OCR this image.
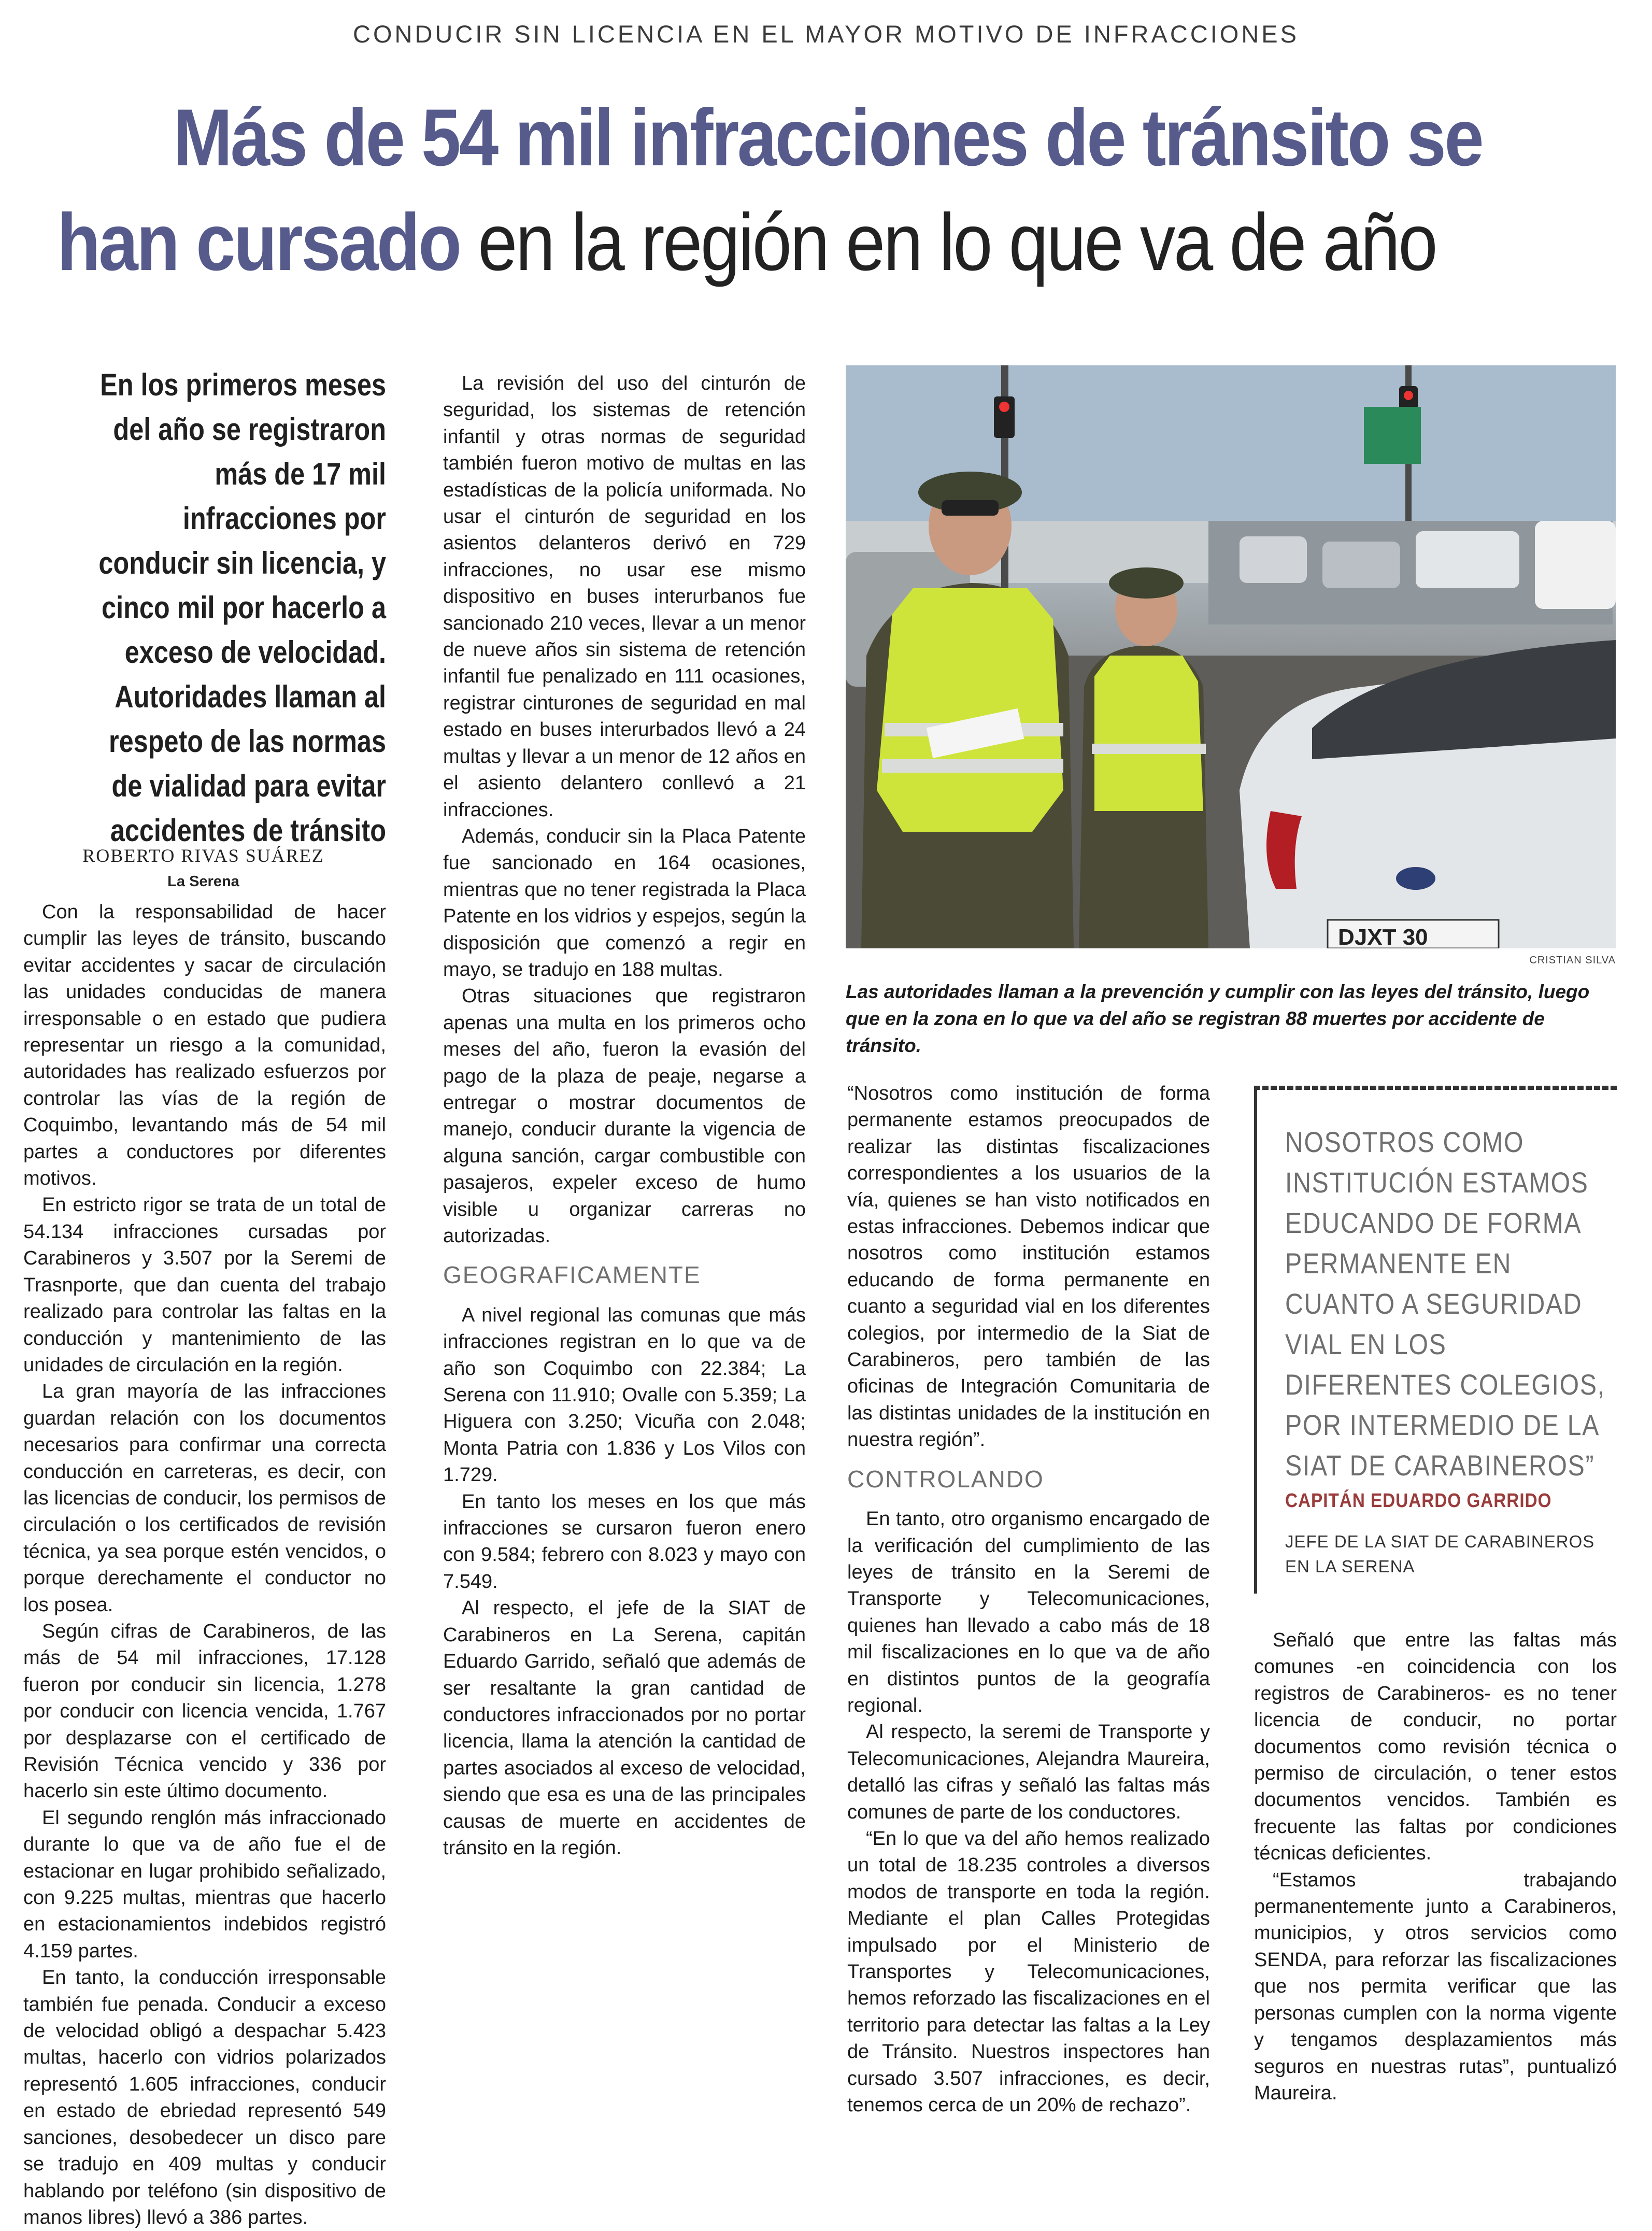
CONDUCIR SIN LICENCIA EN EL MAYOR MOTIVO DE INFRACCIONES
Más de 54 mil infracciones de tránsito se
han cursado en la región en lo que va de año
En los primeros meses del año se registraron más de 17 mil infracciones por conducir sin licencia, y cinco mil por hacerlo a exceso de velocidad. Autoridades llaman al respeto de las normas de vialidad para evitar accidentes de tránsito
ROBERTO RIVAS SUÁREZ
La Serena

Con la responsabilidad de hacer cumplir las leyes de tránsito, buscando evitar accidentes y sacar de circulación las unidades conducidas de manera irresponsable o en estado que pudiera representar un riesgo a la comunidad, autoridades has realizado esfuerzos por controlar las vías de la región de Coquimbo, levantando más de 54 mil partes a conductores por diferentes motivos.

En estricto rigor se trata de un total de 54.134 infracciones cursadas por Carabineros y 3.507 por la Seremi de Trasnporte, que dan cuenta del trabajo realizado para controlar las faltas en la conducción y mantenimiento de las unidades de circulación en la región.

La gran mayoría de las infracciones guardan relación con los documentos necesarios para confirmar una correcta conducción en carreteras, es decir, con las licencias de conducir, los permisos de circulación o los certificados de revisión técnica, ya sea porque estén vencidos, o porque derechamente el conductor no los posea.

Según cifras de Carabineros, de las más de 54 mil infracciones, 17.128 fueron por conducir sin licencia, 1.278 por conducir con licencia vencida, 1.767 por desplazarse con el certificado de Revisión Técnica vencido y 336 por hacerlo sin este último documento.

El segundo renglón más infraccionado durante lo que va de año fue el de estacionar en lugar prohibido señalizado, con 9.225 multas, mientras que hacerlo en estacionamientos indebidos registró 4.159 partes.

En tanto, la conducción irresponsable también fue penada. Conducir a exceso de velocidad obligó a despachar 5.423 multas, hacerlo con vidrios polarizados representó 1.605 infracciones, conducir en estado de ebriedad representó 549 sanciones, desobedecer un disco pare se tradujo en 409 multas y conducir hablando por teléfono (sin dispositivo de manos libres) llevó a 386 partes.

La revisión del uso del cinturón de seguridad, los sistemas de retención infantil y otras normas de seguridad también fueron motivo de multas en las estadísticas de la policía uniformada. No usar el cinturón de seguridad en los asientos delanteros derivó en 729 infracciones, no usar ese mismo dispositivo en buses interurbanos fue sancionado 210 veces, llevar a un menor de nueve años sin sistema de retención infantil fue penalizado en 111 ocasiones, registrar cinturones de seguridad en mal estado en buses interurbados llevó a 24 multas y llevar a un menor de 12 años en el asiento delantero conllevó a 21 infracciones.

Además, conducir sin la Placa Patente fue sancionado en 164 ocasiones, mientras que no tener registrada la Placa Patente en los vidrios y espejos, según la disposición que comenzó a regir en mayo, se tradujo en 188 multas.

Otras situaciones que registraron apenas una multa en los primeros ocho meses del año, fueron la evasión del pago de la plaza de peaje, negarse a entregar o mostrar documentos de manejo, conducir durante la vigencia de alguna sanción, cargar combustible con pasajeros, expeler exceso de humo visible u organizar carreras no autorizadas.

GEOGRAFICAMENTE

A nivel regional las comunas que más infracciones registran en lo que va de año son Coquimbo con 22.384; La Serena con 11.910; Ovalle con 5.359; La Higuera con 3.250; Vicuña con 2.048; Monta Patria con 1.836 y Los Vilos con 1.729.

En tanto los meses en los que más infracciones se cursaron fueron enero con 9.584; febrero con 8.023 y mayo con 7.549.

Al respecto, el jefe de la SIAT de Carabineros en La Serena, capitán Eduardo Garrido, señaló que además de ser resaltante la gran cantidad de conductores infraccionados por no portar licencia, llama la atención la cantidad de partes asociados al exceso de velocidad, siendo que esa es una de las principales causas de muerte en accidentes de tránsito en la región.

DJXT 30
CRISTIAN SILVA
Las autoridades llaman a la prevención y cumplir con las leyes del tránsito, luego que en la zona en lo que va del año se registran 88 muertes por accidente de tránsito.

“Nosotros como institución de forma permanente estamos preocupados de realizar las distintas fiscalizaciones correspondientes a los usuarios de la vía, quienes se han visto notificados en estas infracciones. Debemos indicar que nosotros como institución estamos educando de forma permanente en cuanto a seguridad vial en los diferentes colegios, por intermedio de la Siat de Carabineros, pero también de las oficinas de Integración Comunitaria de las distintas unidades de la institución en nuestra región”.

CONTROLANDO

En tanto, otro organismo encargado de la verificación del cumplimiento de las leyes de tránsito en la Seremi de Transporte y Telecomunicaciones, quienes han llevado a cabo más de 18 mil fiscalizaciones en lo que va de año en distintos puntos de la geografía regional.

Al respecto, la seremi de Transporte y Telecomunicaciones, Alejandra Maureira, detalló las cifras y señaló las faltas más comunes de parte de los conductores.

“En lo que va del año hemos realizado un total de 18.235 controles a diversos modos de transporte en toda la región. Mediante el plan Calles Protegidas impulsado por el Ministerio de Transportes y Telecomunicaciones, hemos reforzado las fiscalizaciones en el territorio para detectar las faltas a la Ley de Tránsito. Nuestros inspectores han cursado 3.507 infracciones, es decir, tenemos cerca de un 20% de rechazo”.

NOSOTROS COMO INSTITUCIÓN ESTAMOS EDUCANDO DE FORMA PERMANENTE EN CUANTO A SEGURIDAD VIAL EN LOS DIFERENTES COLEGIOS, POR INTERMEDIO DE LA SIAT DE CARABINEROS”
CAPITÁN EDUARDO GARRIDO
JEFE DE LA SIAT DE CARABINEROS EN LA SERENA

Señaló que entre las faltas más comunes -en coincidencia con los registros de Carabineros- es no tener licencia de conducir, no portar documentos como revisión técnica o permiso de circulación, o tener estos documentos vencidos. También es frecuente las faltas por condiciones técnicas deficientes.

“Estamos trabajando permanentemente junto a Carabineros, municipios, y otros servicios como SENDA, para reforzar las fiscalizaciones que nos permita verificar que las personas cumplen con la norma vigente y tengamos desplazamientos más seguros en nuestras rutas”, puntualizó Maureira.
